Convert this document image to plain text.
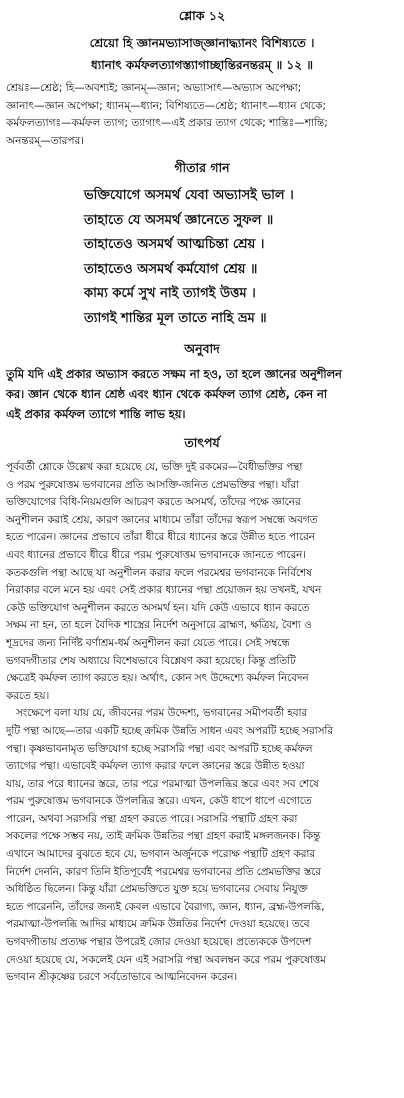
শ্লোক ১২
শ্রেয়ো হি জ্ঞানমভ্যাসাজ্জ্ঞানাদ্ধ্যানং বিশিষ্যতে ।
ধ্যানাৎ কর্মফলত্যাগস্ত্যাগাচ্ছান্তিরনন্তরম্‌ ॥ ১২ ॥
শ্রেয়ঃ—শ্রেষ্ঠ; হি—অবশ্যই; জ্ঞানম্‌—জ্ঞান; অভ্যাসাৎ—অভ্যাস অপেক্ষা;
জ্ঞানাৎ—জ্ঞান অপেক্ষা; ধ্যানম্‌—ধ্যান; বিশিষ্যতে—শ্রেষ্ঠ; ধ্যানাৎ—ধ্যান থেকে;
কর্মফলত্যাগঃ—কর্মফল ত্যাগ; ত্যাগাৎ—এই প্রকার ত্যাগ থেকে; শান্তিঃ—শান্তি;
অনন্তরম্‌—তারপর।
গীতার গান
ভক্তিযোগে অসমর্থ যেবা অভ্যাসই ভাল ।
তাহাতে যে অসমর্থ জ্ঞানেতে সুফল ॥
তাহাতেও অসমর্থ আত্মচিন্তা শ্রেয় ।
তাহাতেও অসমর্থ কর্মযোগ শ্রেয় ॥
কাম্য কর্মে সুখ নাই ত্যাগই উত্তম ।
ত্যাগই শান্তির মূল তাতে নাহি ভ্রম ॥
অনুবাদ
তুমি যদি এই প্রকার অভ্যাস করতে সক্ষম না হও, তা হলে জ্ঞানের অনুশীলন
কর। জ্ঞান থেকে ধ্যান শ্রেষ্ঠ এবং ধ্যান থেকে কর্মফল ত্যাগ শ্রেষ্ঠ, কেন না
এই প্রকার কর্মফল ত্যাগে শান্তি লাভ হয়।
তাৎপর্য

পূর্ববর্তী শ্লোকে উল্লেখ করা হয়েছে যে, ভক্তি দুই রকমের—বৈধীভক্তির পন্থা

ও পরম পুরুষোত্তম ভগবানের প্রতি আসক্তি-জনিত প্রেমভক্তির পন্থা। যাঁরা

ভক্তিযোগের বিধি-নিয়মগুলি আচরণ করতে অসমর্থ, তাঁদের পক্ষে জ্ঞানের

অনুশীলন করাই শ্রেয়, কারণ জ্ঞানের মাধ্যমে তাঁরা তাঁদের স্বরূপ সম্বন্ধে অবগত

হতে পারেন। জ্ঞানের প্রভাবে তাঁরা ধীরে ধীরে ধ্যানের স্তরে উন্নীত হতে পারেন

এবং ধ্যানের প্রভাবে ধীরে ধীরে পরম পুরুষোত্তম ভগবানকে জানতে পারেন।

কতকগুলি পন্থা আছে যা অনুশীলন করার ফলে পরমেশ্বর ভগবানকে নির্বিশেষ

নিরাকার বলে মনে হয় এবং সেই প্রকার ধ্যানের পন্থা প্রয়োজন হয় তখনই, যখন

কেউ ভক্তিযোগ অনুশীলন করতে অসমর্থ হন। যদি কেউ এভাবে ধ্যান করতে

সক্ষম না হন, তা হলে বৈদিক শাস্ত্রের নির্দেশ অনুসারে ব্রাহ্মণ, ক্ষত্রিয়, বৈশ্য ও

শূদ্রদের জন্য নির্দিষ্ট বর্ণাশ্রম-ধর্ম অনুশীলন করা যেতে পারে। সেই সম্বন্ধে

ভগবদ্গীতার শেষ অধ্যায়ে বিশেষভাবে বিশ্লেষণ করা হয়েছে। কিন্তু প্রতিটি

ক্ষেত্রেই কর্মফল ত্যাগ করতে হয়। অর্থাৎ, কোন সৎ উদ্দেশ্যে কর্মফল নিবেদন

করতে হয়।

সংক্ষেপে বলা যায় যে, জীবনের পরম উদ্দেশ্য, ভগবানের সমীপবর্তী হবার

দুটি পন্থা আছে—তার একটি হচ্ছে ক্রমিক উন্নতি সাধন এবং অপরটি হচ্ছে সরাসরি

পন্থা। কৃষ্ণভাবনামৃত ভক্তিযোগ হচ্ছে সরাসরি পন্থা এবং অপরটি হচ্ছে কর্মফল

ত্যাগের পন্থা। এভাবেই কর্মফল ত্যাগ করার ফলে জ্ঞানের স্তরে উন্নীত হওয়া

যায়, তার পরে ধ্যানের স্তরে, তার পরে পরমাত্মা উপলব্ধির স্তরে এবং সব শেষে

পরম পুরুষোত্তম ভগবানকে উপলব্ধির স্তরে। এখন, কেউ ধাপে ধাপে এগোতে

পারেন, অথবা সরাসরি পন্থা গ্রহণ করতে পারে। সরাসরি পন্থাটি গ্রহণ করা

সকলের পক্ষে সম্ভব নয়, তাই ক্রমিক উন্নতির পন্থা গ্রহণ করাই মঙ্গলজনক। কিন্তু

এখানে আমাদের বুঝতে হবে যে, ভগবান অর্জুনকে পরোক্ষ পন্থাটি গ্রহণ করার

নির্দেশ দেননি, কারণ তিনি ইতিপূর্বেই পরমেশ্বর ভগবানের প্রতি প্রেমভক্তির স্তরে

অধিষ্ঠিত ছিলেন। কিন্তু যাঁরা প্রেমভক্তিতে যুক্ত হয়ে ভগবানের সেবায় নিযুক্ত

হতে পারেননি, তাঁদের জন্যই কেবল এভাবে বৈরাগ্য, জ্ঞান, ধ্যান, ব্রহ্ম-উপলব্ধি,

পরমাত্মা-উপলব্ধি আদির মাধ্যমে ক্রমিক উন্নতির নির্দেশ দেওয়া হয়েছে। তবে

ভগবদ্গীতায় প্রত্যক্ষ পন্থার উপরেই জোর দেওয়া হয়েছে। প্রত্যেককে উপদেশ

দেওয়া হয়েছে যে, সকলেই যেন এই সরাসরি পন্থা অবলম্বন করে পরম পুরুষোত্তম

ভগবান শ্রীকৃষ্ণের চরণে সর্বতোভাবে আত্মনিবেদন করেন।
